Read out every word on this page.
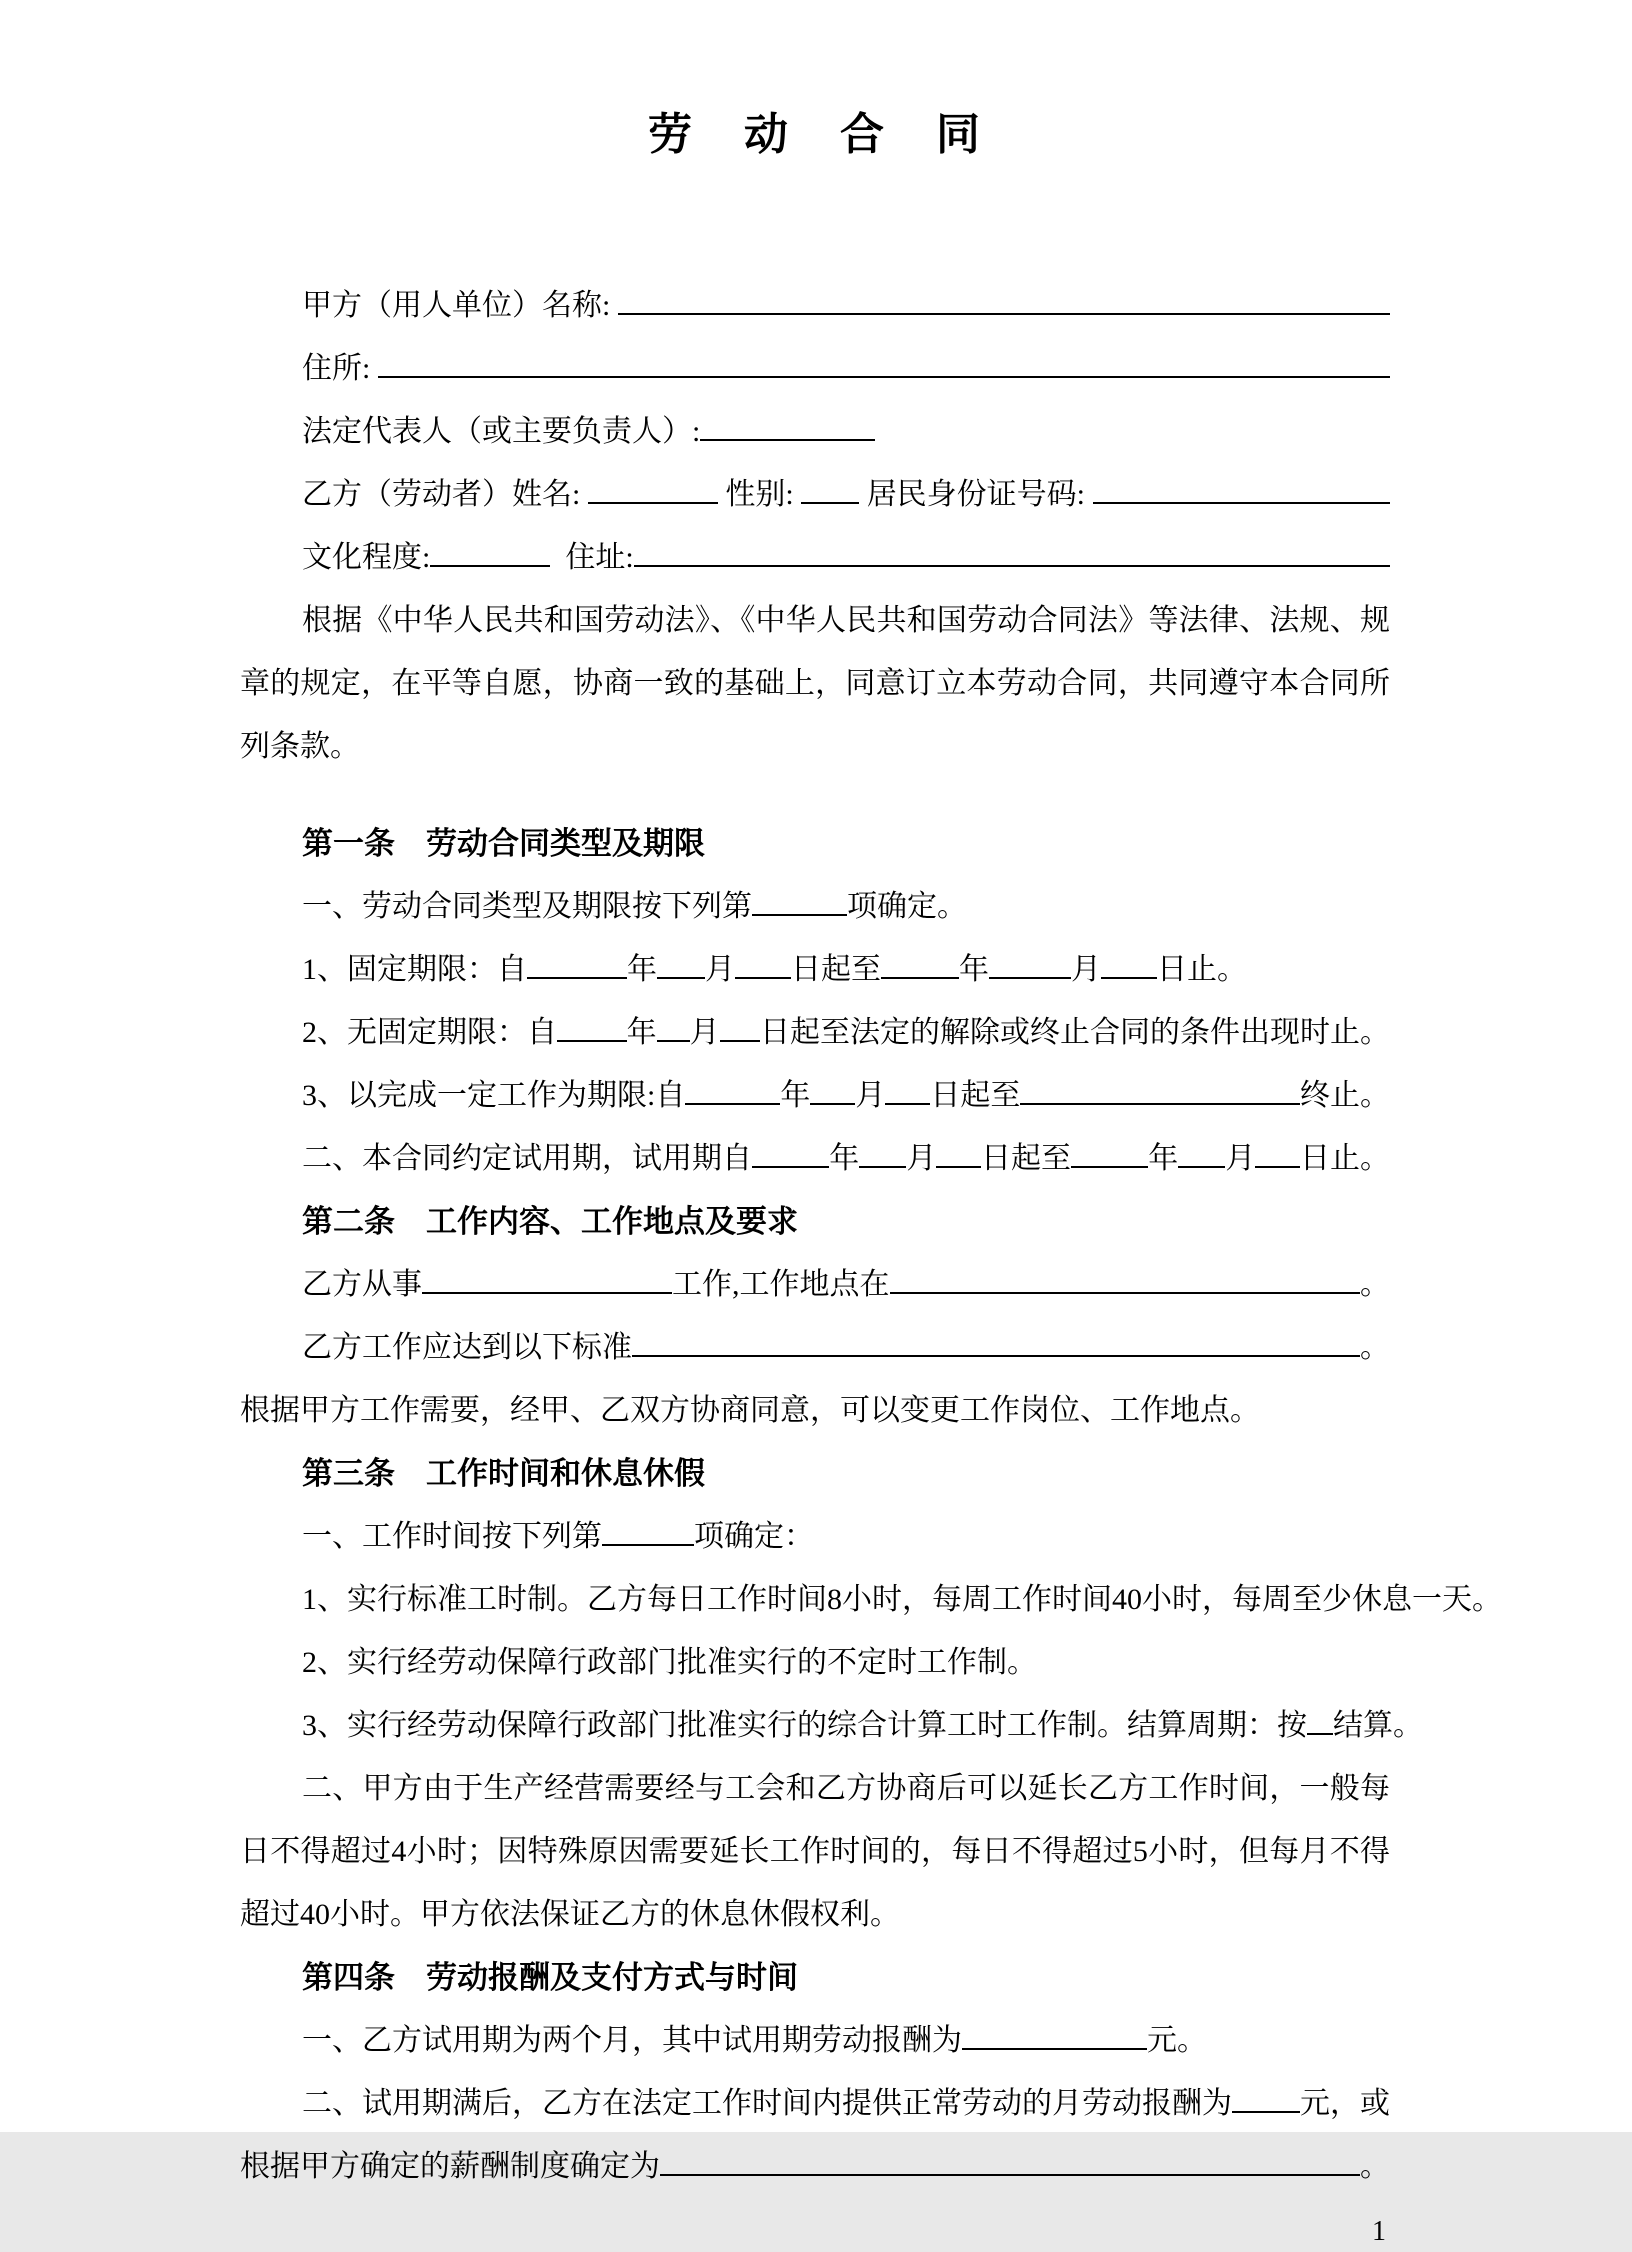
劳　动　合　同
甲方（用人单位）名称:
住所:
法定代表人（或主要负责人）:
乙方（劳动者）姓名:	性别: 居民身份证号码:
文化程度:	住址:

根据《中华人民共和国劳动法》、《中华人民共和国劳动合同法》等法律、法规、规章的规定，在平等自愿，协商一致的基础上，同意订立本劳动合同，共同遵守本合同所列条款。

第一条　劳动合同类型及期限
一、劳动合同类型及期限按下列第	项确定。
1、固定期限：自	年 月 日起至	年	月 日止。
2、无固定期限：自 年 月 日起至法定的解除或终止合同的条件出现时止。
3、以完成一定工作为期限:自	年 月 日起至	终止。
二、本合同约定试用期，试用期自	年 月 日起至	年 月 日止。
第二条　工作内容、工作地点及要求
乙方从事	工作,工作地点在	。
乙方工作应达到以下标准	。
根据甲方工作需要，经甲、乙双方协商同意，可以变更工作岗位、工作地点。
第三条　工作时间和休息休假
一、工作时间按下列第	项确定：
1、实行标准工时制。乙方每日工作时间8小时，每周工作时间40小时，每周至少休息一天。
2、实行经劳动保障行政部门批准实行的不定时工作制。
3、实行经劳动保障行政部门批准实行的综合计算工时工作制。结算周期：按 结算。

二、甲方由于生产经营需要经与工会和乙方协商后可以延长乙方工作时间，一般每日不得超过4小时；因特殊原因需要延长工作时间的，每日不得超过5小时，但每月不得超过40小时。甲方依法保证乙方的休息休假权利。

第四条　劳动报酬及支付方式与时间
一、乙方试用期为两个月，其中试用期劳动报酬为	元。
二、试用期满后，乙方在法定工作时间内提供正常劳动的月劳动报酬为 元，或
根据甲方确定的薪酬制度确定为	。
1
